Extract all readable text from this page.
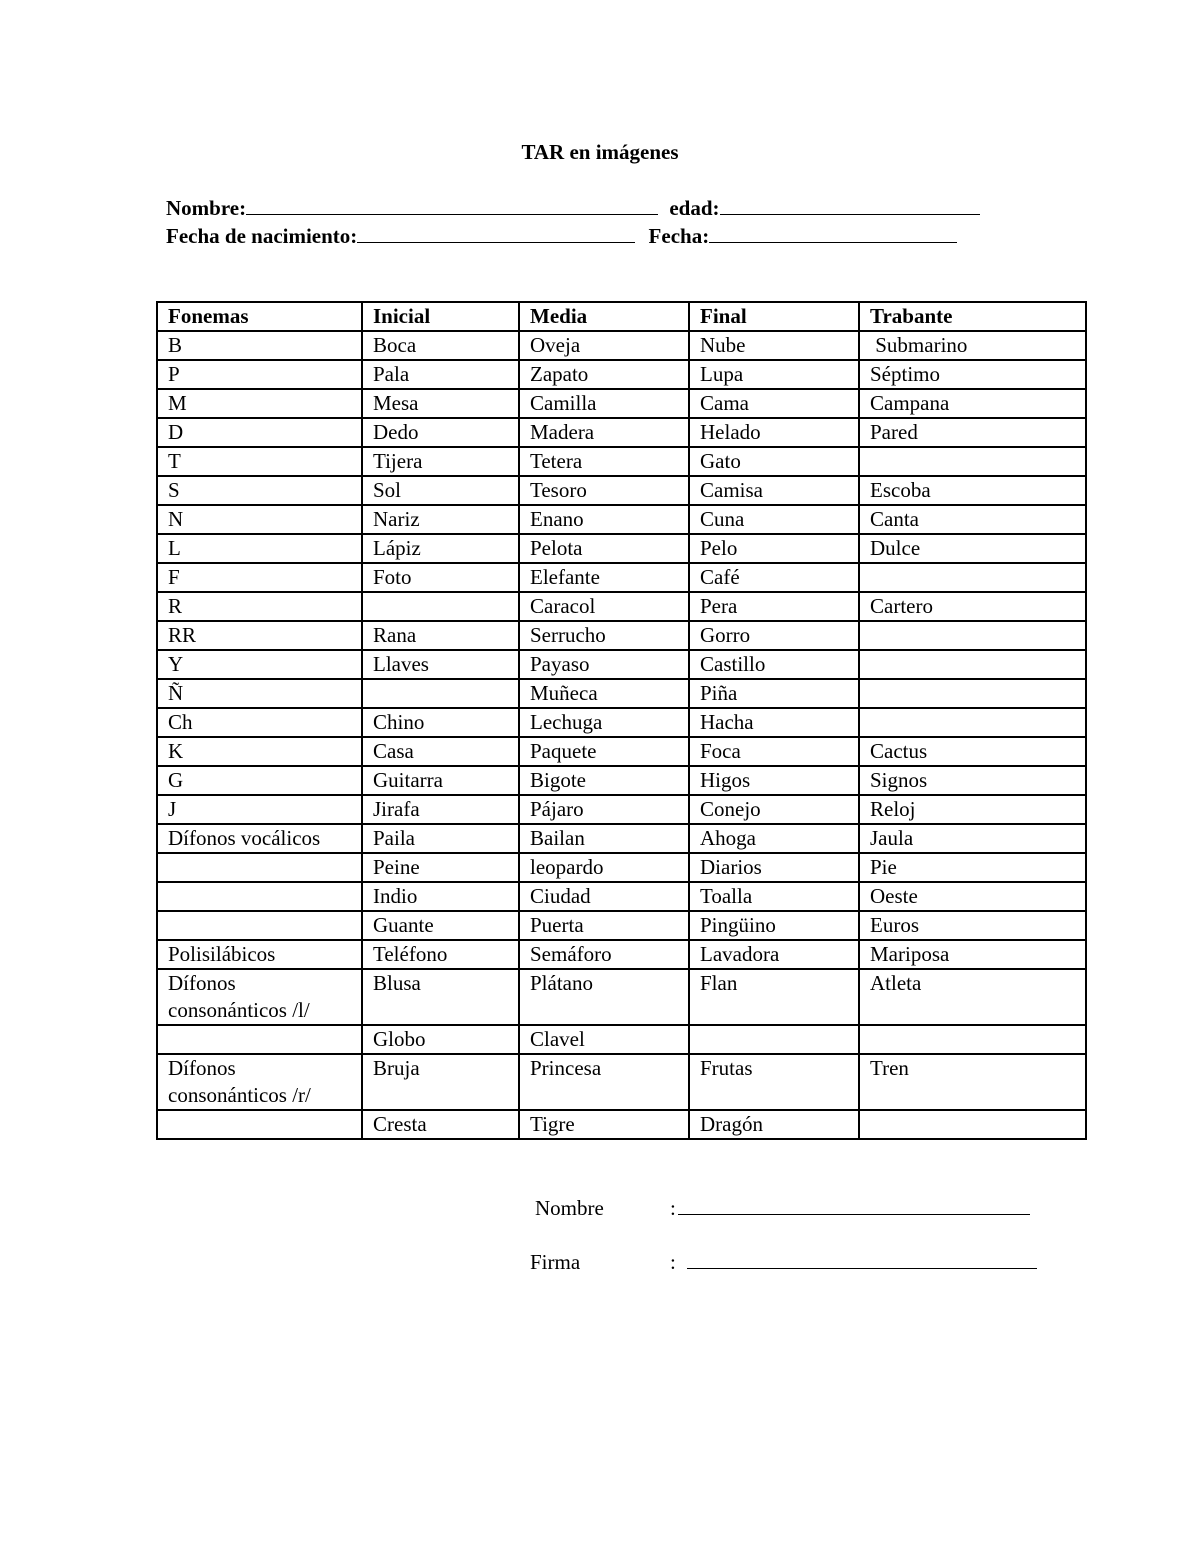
TAR en imágenes
Nombre:	edad:
Fecha de nacimiento:	Fecha:
Fonemas	Inicial	Media	Final	Trabante
B	Boca	Oveja	Nube	Submarino
P	Pala	Zapato	Lupa	Séptimo
M	Mesa	Camilla	Cama	Campana
D	Dedo	Madera	Helado	Pared
T	Tijera	Tetera	Gato	
S	Sol	Tesoro	Camisa	Escoba
N	Nariz	Enano	Cuna	Canta
L	Lápiz	Pelota	Pelo	Dulce
F	Foto	Elefante	Café	
R		Caracol	Pera	Cartero
RR	Rana	Serrucho	Gorro	
Y	Llaves	Payaso	Castillo	
Ñ		Muñeca	Piña	
Ch	Chino	Lechuga	Hacha	
K	Casa	Paquete	Foca	Cactus
G	Guitarra	Bigote	Higos	Signos
J	Jirafa	Pájaro	Conejo	Reloj
Dífonos vocálicos	Paila	Bailan	Ahoga	Jaula
	Peine	leopardo	Diarios	Pie
	Indio	Ciudad	Toalla	Oeste
	Guante	Puerta	Pingüino	Euros
Polisilábicos	Teléfono	Semáforo	Lavadora	Mariposa
Dífonos consonánticos /l/	Blusa	Plátano	Flan	Atleta
	Globo	Clavel		
Dífonos consonánticos /r/	Bruja	Princesa	Frutas	Tren
	Cresta	Tigre	Dragón	
Nombre	:
Firma	:
